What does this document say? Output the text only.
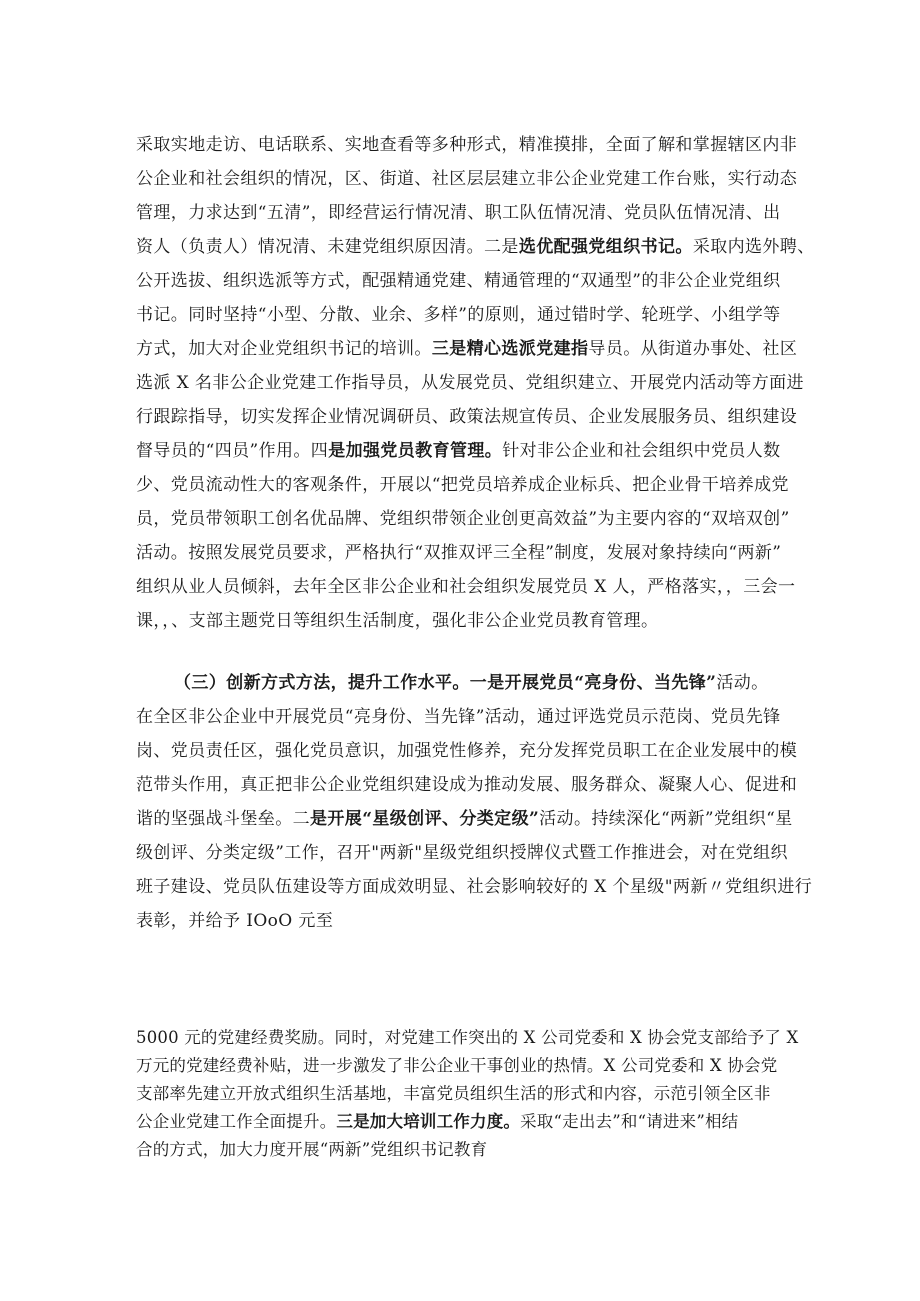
采取实地走访、电话联系、实地查看等多种形式，精准摸排，全面了解和掌握辖区内非
公企业和社会组织的情况，区、街道、社区层层建立非公企业党建工作台账，实行动态
管理，力求达到“五清”，即经营运行情况清、职工队伍情况清、党员队伍情况清、出
资人（负责人）情况清、未建党组织原因清。二是选优配强党组织书记。采取内选外聘、
公开选拔、组织选派等方式，配强精通党建、精通管理的“双通型”的非公企业党组织
书记。同时坚持“小型、分散、业余、多样”的原则，通过错时学、轮班学、小组学等
方式，加大对企业党组织书记的培训。三是精心选派党建指导员。从街道办事处、社区
选派 X 名非公企业党建工作指导员，从发展党员、党组织建立、开展党内活动等方面进
行跟踪指导，切实发挥企业情况调研员、政策法规宣传员、企业发展服务员、组织建设
督导员的“四员”作用。四是加强党员教育管理。针对非公企业和社会组织中党员人数
少、党员流动性大的客观条件，开展以“把党员培养成企业标兵、把企业骨干培养成党
员，党员带领职工创名优品牌、党组织带领企业创更高效益”为主要内容的“双培双创”
活动。按照发展党员要求，严格执行“双推双评三全程”制度，发展对象持续向“两新”
组织从业人员倾斜，去年全区非公企业和社会组织发展党员 X 人，严格落实，，三会一
课，，、支部主题党日等组织生活制度，强化非公企业党员教育管理。
（三）创新方式方法，提升工作水平。一是开展党员“亮身份、当先锋”活动。
在全区非公企业中开展党员“亮身份、当先锋”活动，通过评选党员示范岗、党员先锋
岗、党员责任区，强化党员意识，加强党性修养，充分发挥党员职工在企业发展中的模
范带头作用，真正把非公企业党组织建设成为推动发展、服务群众、凝聚人心、促进和
谐的坚强战斗堡垒。二是开展“星级创评、分类定级”活动。持续深化“两新”党组织“星
级创评、分类定级”工作，召开"两新"星级党组织授牌仪式暨工作推进会，对在党组织
班子建设、党员队伍建设等方面成效明显、社会影响较好的 X 个星级"两新〃党组织进行
表彰，并给予 IOoO 元至
5000 元的党建经费奖励。同时，对党建工作突出的 X 公司党委和 X 协会党支部给予了 X
万元的党建经费补贴，进一步激发了非公企业干事创业的热情。X 公司党委和 X 协会党
支部率先建立开放式组织生活基地，丰富党员组织生活的形式和内容，示范引领全区非
公企业党建工作全面提升。三是加大培训工作力度。采取“走出去”和“请进来”相结
合的方式，加大力度开展“两新”党组织书记教育
